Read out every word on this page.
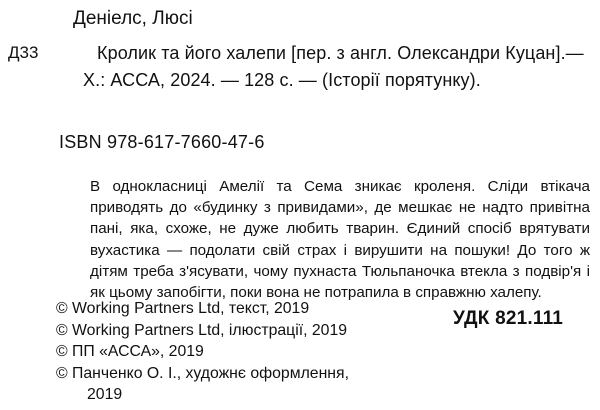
Деніелс, Люсі
Д33	Кролик та його халепи [пер. з англ. Олександри Куцан].— Х.: АССА, 2024. — 128 с. — (Історії порятунку).
ISBN 978-617-7660-47-6
В однокласниці Амелії та Сема зникає кроленя. Сліди втікача приводять до «будинку з привидами», де мешкає не надто привітна пані, яка, схоже, не дуже любить тварин. Єдиний спосіб врятувати вухастика — подолати свій страх і вирушити на пошуки! До того ж дітям треба з'ясувати, чому пухнаста Тюльпаночка втекла з подвір'я і як цьому запобігти, поки вона не потрапила в справжню халепу.
© Working Partners Ltd, текст, 2019
© Working Partners Ltd, ілюстрації, 2019
© ПП «АССА», 2019
© Панченко О. І., художнє оформлення,
2019
УДК 821.111
